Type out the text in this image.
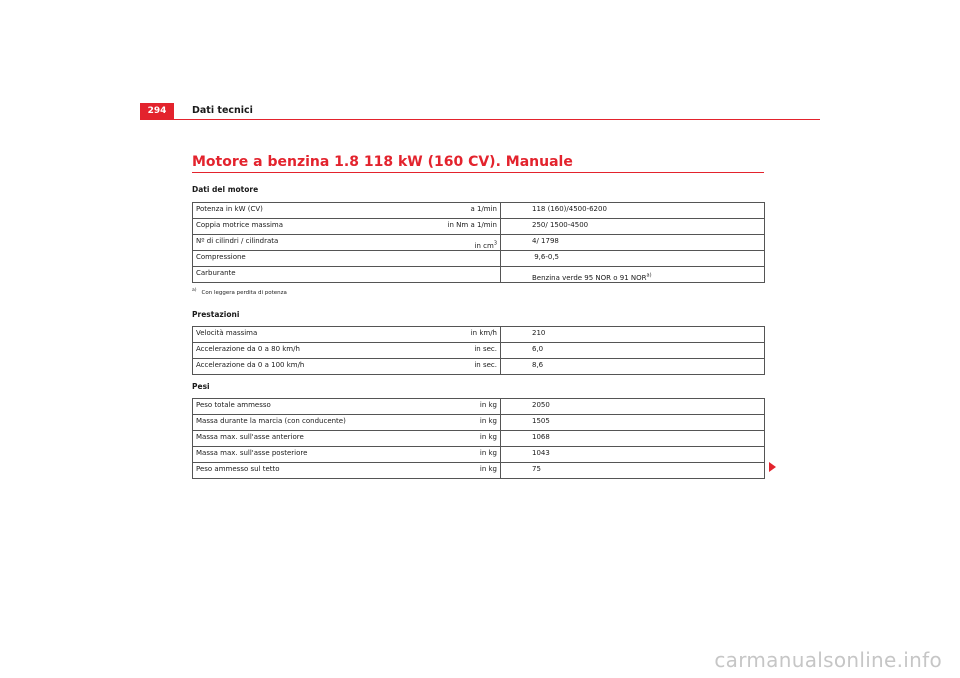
294	Dati tecnici
Motore a benzina 1.8 118 kW (160 CV). Manuale
Dati del motore
Potenza in kW (CV)	a 1/min	118 (160)/4500-6200
Coppia motrice massima	in Nm a 1/min	250/ 1500-4500
Nº di cilindri / cilindrata	in $cm^3$	4/ 1798
Compressione		9,6-0,5
Carburante		Benzina verde 95 NOR o 91 NOR$^{a)}$
$^{a)}$ Con leggera perdita di potenza
Prestazioni
Velocità massima	in km/h	210
Accelerazione da 0 a 80 km/h	in sec.	6,0
Accelerazione da 0 a 100 km/h	in sec.	8,6
Pesi
Peso totale ammesso	in kg	2050
Massa durante la marcia (con conducente)	in kg	1505
Massa max. sull'asse anteriore	in kg	1068
Massa max. sull'asse posteriore	in kg	1043
Peso ammesso sul tetto	in kg	75
carmanualsonline.info
